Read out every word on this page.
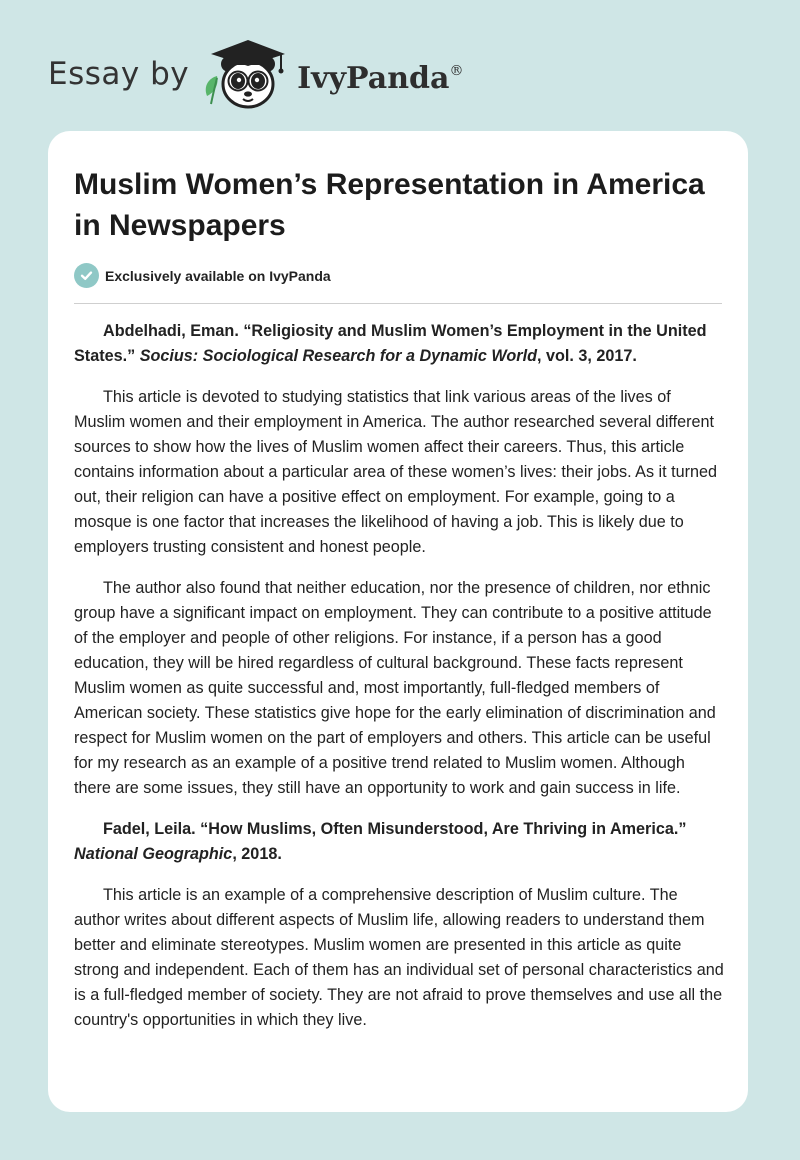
Essay by	IvyPanda®
Muslim Women’s Representation in America in Newspapers
Exclusively available on IvyPanda

Abdelhadi, Eman. “Religiosity and Muslim Women’s Employment in the United States.” Socius: Sociological Research for a Dynamic World, vol. 3, 2017.

This article is devoted to studying statistics that link various areas of the lives of Muslim women and their employment in America. The author researched several different sources to show how the lives of Muslim women affect their careers. Thus, this article contains information about a particular area of these women’s lives: their jobs. As it turned out, their religion can have a positive effect on employment. For example, going to a mosque is one factor that increases the likelihood of having a job. This is likely due to employers trusting consistent and honest people.

The author also found that neither education, nor the presence of children, nor ethnic group have a significant impact on employment. They can contribute to a positive attitude of the employer and people of other religions. For instance, if a person has a good education, they will be hired regardless of cultural background. These facts represent Muslim women as quite successful and, most importantly, full-fledged members of American society. These statistics give hope for the early elimination of discrimination and respect for Muslim women on the part of employers and others. This article can be useful for my research as an example of a positive trend related to Muslim women. Although there are some issues, they still have an opportunity to work and gain success in life.

Fadel, Leila. “How Muslims, Often Misunderstood, Are Thriving in America.” National Geographic, 2018.

This article is an example of a comprehensive description of Muslim culture. The author writes about different aspects of Muslim life, allowing readers to understand them better and eliminate stereotypes. Muslim women are presented in this article as quite strong and independent. Each of them has an individual set of personal characteristics and is a full-fledged member of society. They are not afraid to prove themselves and use all the country's opportunities in which they live.
